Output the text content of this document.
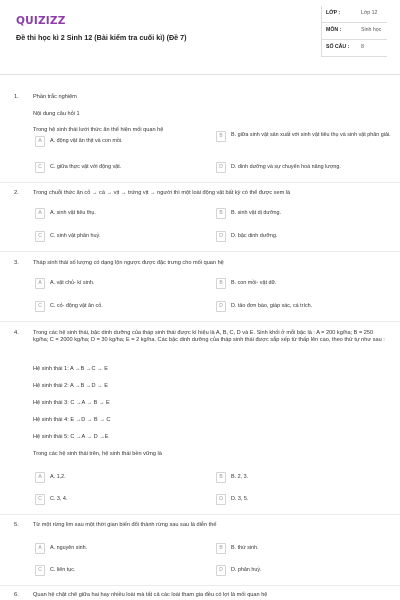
QUIZIZZ
Đề thi học kì 2 Sinh 12 (Bài kiểm tra cuối kì) (Đề 7)
LỚP :	Lớp 12
MÔN :	Sinh học
SỐ CÂU : 8
1.	Phần trắc nghiệm
Nội dung câu hỏi 1
Trong hệ sinh thái lưới thức ăn thể hiện mối quan hệ
A	A. động vật ăn thịt và con mồi.
B	B. giữa sinh vật sản xuất với sinh vật tiêu thụ và sinh vật phân giải.
C	C. giữa thực vật với động vật.	D	D. dinh dưỡng và sự chuyển hoá năng lượng.
2.	Trong chuỗi thức ăn cỏ → cá → vịt → trứng vịt → người thì một loài động vật bất kỳ có thể được xem là
A	A. sinh vật tiêu thụ.	B	B. sinh vật dị dưỡng.
C	C. sinh vật phân huỷ.	D	D. bậc dinh dưỡng.
3.	Tháp sinh thái số lượng có dạng lộn ngược được đặc trưng cho mối quan hệ
A	A. vật chủ- kí sinh.	B	B. con mồi- vật dữ.
C	C. cỏ- động vật ăn cỏ.	D	D. tảo đơn bào, giáp xác, cá trích.
4.	Trong các hệ sinh thái, bậc dinh dưỡng của tháp sinh thái được kí hiệu là A, B, C, D và E. Sinh khối ở mỗi bậc là : A = 200 kg/ha; B = 250 kg/ha; C = 2000 kg/ha; D = 30 kg/ha; E = 2 kg/ha. Các bậc dinh dưỡng của tháp sinh thái được sắp xếp từ thấp lên cao, theo thứ tự như sau :
Hệ sinh thái 1: A →B →C → E
Hệ sinh thái 2: A →B →D → E
Hệ sinh thái 3: C →A → B → E
Hệ sinh thái 4: E →D → B → C
Hệ sinh thái 5: C →A → D →E
Trong các hệ sinh thái trên, hệ sinh thái bền vững là
A	A. 1,2.	B	B. 2, 3.
C	C. 3, 4.	D	D. 3, 5.
5.	Từ một rừng lim sau một thời gian biến đổi thành rừng sau sau là diễn thế
A	A. nguyên sinh.	B	B. thứ sinh.
C	C. liên tục.	D	D. phân huỷ.
6.	Quan hệ chặt chẽ giữa hai hay nhiều loài mà tất cả các loài tham gia đều có lợi là mối quan hệ
